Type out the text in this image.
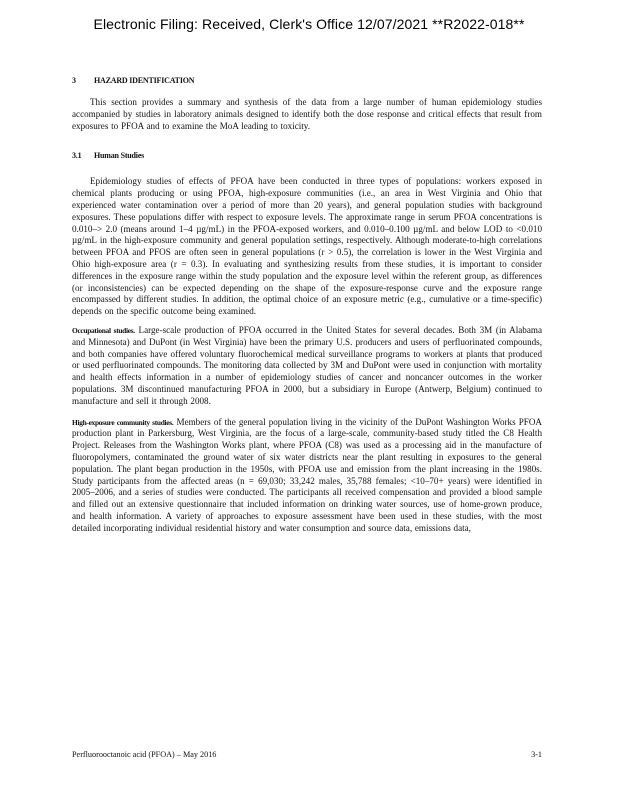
Electronic Filing: Received, Clerk's Office 12/07/2021 **R2022-018**

3 HAZARD IDENTIFICATION

This section provides a summary and synthesis of the data from a large number of human epidemiology studies accompanied by studies in laboratory animals designed to identify both the dose response and critical effects that result from exposures to PFOA and to examine the MoA leading to toxicity.

3.1 Human Studies

Epidemiology studies of effects of PFOA have been conducted in three types of populations: workers exposed in chemical plants producing or using PFOA, high-exposure communities (i.e., an area in West Virginia and Ohio that experienced water contamination over a period of more than 20 years), and general population studies with background exposures. These populations differ with respect to exposure levels. The approximate range in serum PFOA concentrations is 0.010–> 2.0 (means around 1–4 µg/mL) in the PFOA-exposed workers, and 0.010–0.100 µg/mL and below LOD to <0.010 µg/mL in the high-exposure community and general population settings, respectively. Although moderate-to-high correlations between PFOA and PFOS are often seen in general populations (r > 0.5), the correlation is lower in the West Virginia and Ohio high-exposure area (r = 0.3). In evaluating and synthesizing results from these studies, it is important to consider differences in the exposure range within the study population and the exposure level within the referent group, as differences (or inconsistencies) can be expected depending on the shape of the exposure-response curve and the exposure range encompassed by different studies. In addition, the optimal choice of an exposure metric (e.g., cumulative or a time-specific) depends on the specific outcome being examined.

Occupational studies. Large-scale production of PFOA occurred in the United States for several decades. Both 3M (in Alabama and Minnesota) and DuPont (in West Virginia) have been the primary U.S. producers and users of perfluorinated compounds, and both companies have offered voluntary fluorochemical medical surveillance programs to workers at plants that produced or used perfluorinated compounds. The monitoring data collected by 3M and DuPont were used in conjunction with mortality and health effects information in a number of epidemiology studies of cancer and noncancer outcomes in the worker populations. 3M discontinued manufacturing PFOA in 2000, but a subsidiary in Europe (Antwerp, Belgium) continued to manufacture and sell it through 2008.

High-exposure community studies. Members of the general population living in the vicinity of the DuPont Washington Works PFOA production plant in Parkersburg, West Virginia, are the focus of a large-scale, community-based study titled the C8 Health Project. Releases from the Washington Works plant, where PFOA (C8) was used as a processing aid in the manufacture of fluoropolymers, contaminated the ground water of six water districts near the plant resulting in exposures to the general population. The plant began production in the 1950s, with PFOA use and emission from the plant increasing in the 1980s. Study participants from the affected areas (n = 69,030; 33,242 males, 35,788 females; <10–70+ years) were identified in 2005–2006, and a series of studies were conducted. The participants all received compensation and provided a blood sample and filled out an extensive questionnaire that included information on drinking water sources, use of home-grown produce, and health information. A variety of approaches to exposure assessment have been used in these studies, with the most detailed incorporating individual residential history and water consumption and source data, emissions data,

Perfluorooctanoic acid (PFOA) – May 2016	3-1
